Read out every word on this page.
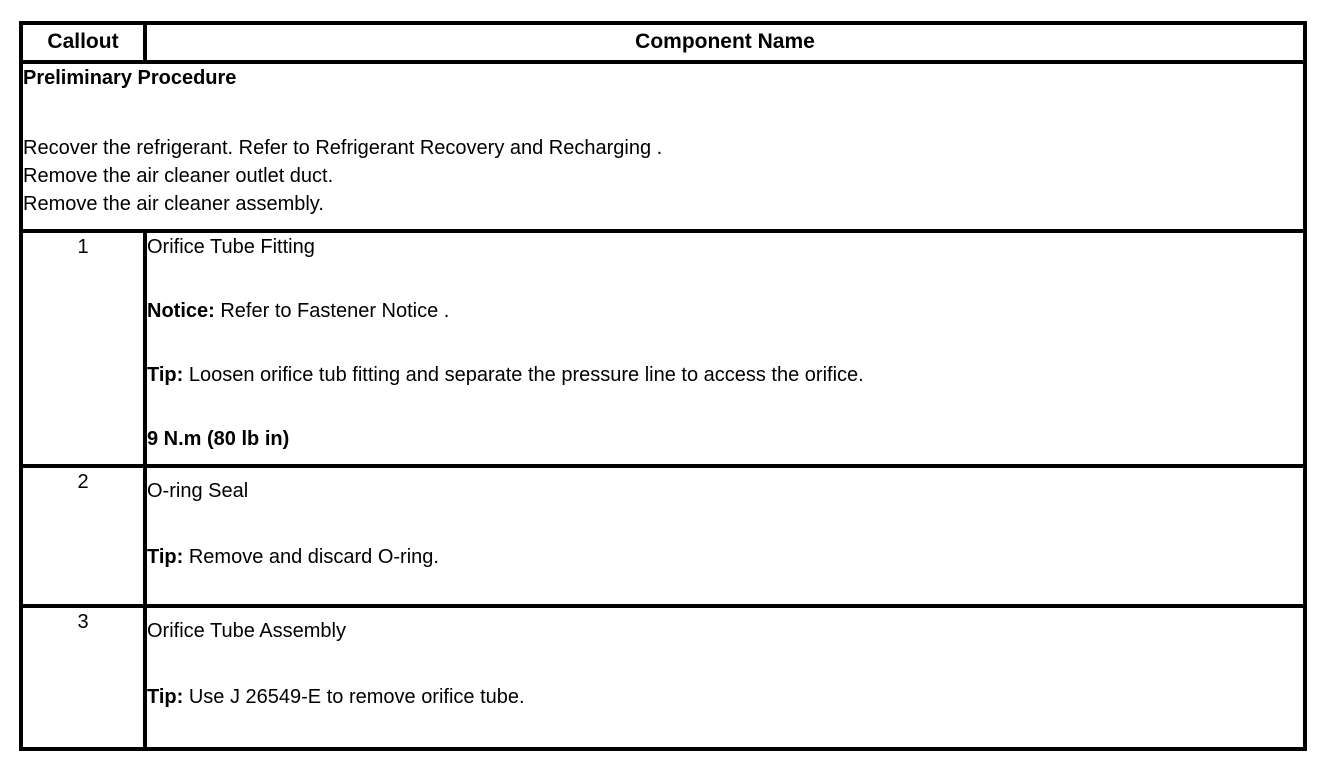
Callout	Component Name

Preliminary Procedure
Recover the refrigerant. Refer to Refrigerant Recovery and Recharging .
Remove the air cleaner outlet duct.
Remove the air cleaner assembly.	

1	Orifice Tube Fitting
Notice: Refer to Fastener Notice .
Tip: Loosen orifice tub fitting and separate the pressure line to access the orifice.
9 N.m (80 lb in)

2	O-ring Seal
Tip: Remove and discard O-ring.

3	Orifice Tube Assembly
Tip: Use J 26549-E to remove orifice tube.
